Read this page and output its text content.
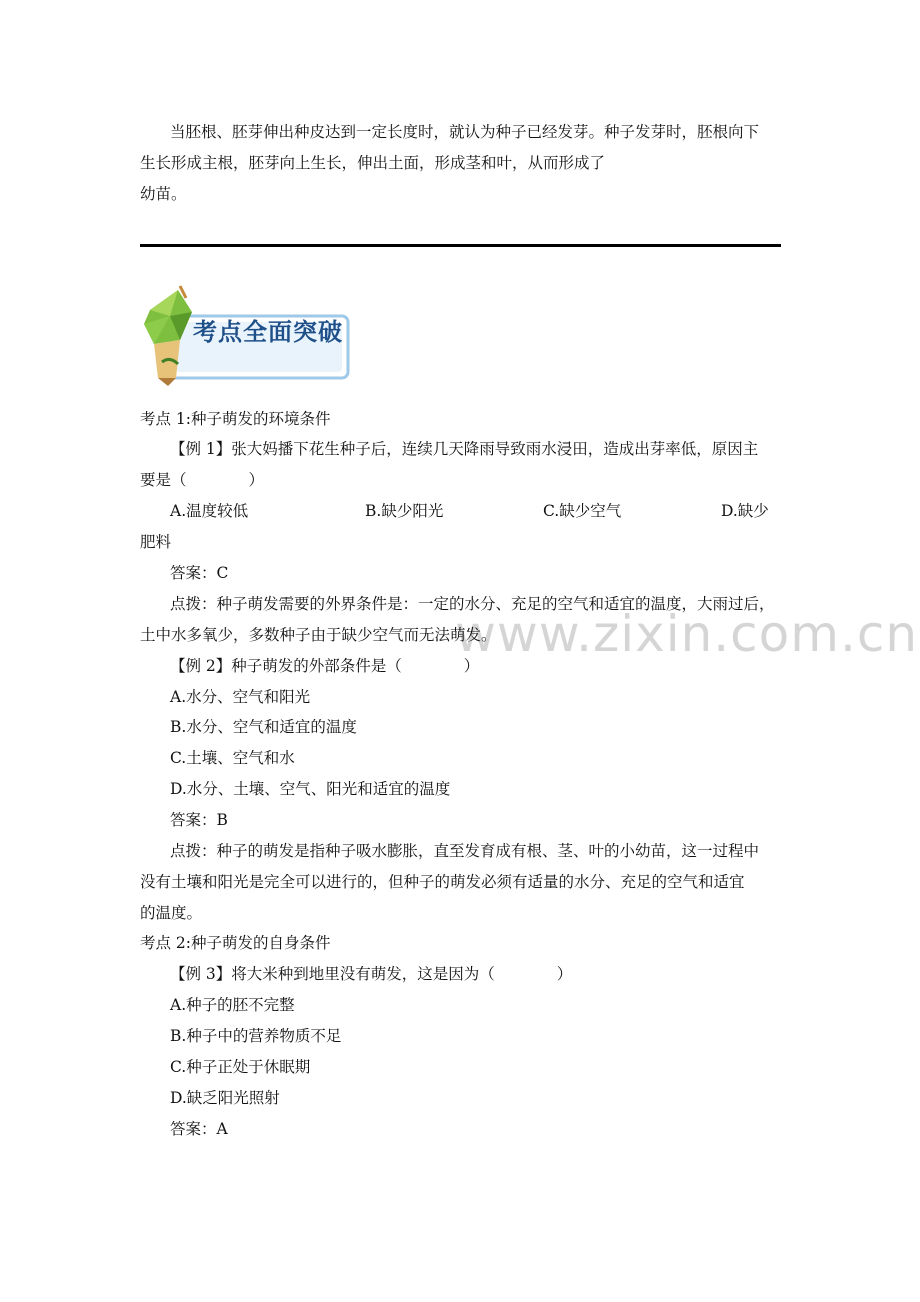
当胚根、胚芽伸出种皮达到一定长度时，就认为种子已经发芽。种子发芽时，胚根向下
生长形成主根，胚芽向上生长，伸出土面，形成茎和叶，从而形成了
幼苗。
考点全面突破
www.zixin.com.cn
考点 1:种子萌发的环境条件
【例 1】张大妈播下花生种子后，连续几天降雨导致雨水浸田，造成出芽率低，原因主
要是（　　　　）
A.温度较低	B.缺少阳光	C.缺少空气	D.缺少
肥料
答案：C
点拨：种子萌发需要的外界条件是：一定的水分、充足的空气和适宜的温度，大雨过后，
土中水多氧少，多数种子由于缺少空气而无法萌发。
【例 2】种子萌发的外部条件是（　　　　）
A.水分、空气和阳光
B.水分、空气和适宜的温度
C.土壤、空气和水
D.水分、土壤、空气、阳光和适宜的温度
答案：B
点拨：种子的萌发是指种子吸水膨胀，直至发育成有根、茎、叶的小幼苗，这一过程中
没有土壤和阳光是完全可以进行的，但种子的萌发必须有适量的水分、充足的空气和适宜
的温度。
考点 2:种子萌发的自身条件
【例 3】将大米种到地里没有萌发，这是因为（　　　　）
A.种子的胚不完整
B.种子中的营养物质不足
C.种子正处于休眠期
D.缺乏阳光照射
答案：A
